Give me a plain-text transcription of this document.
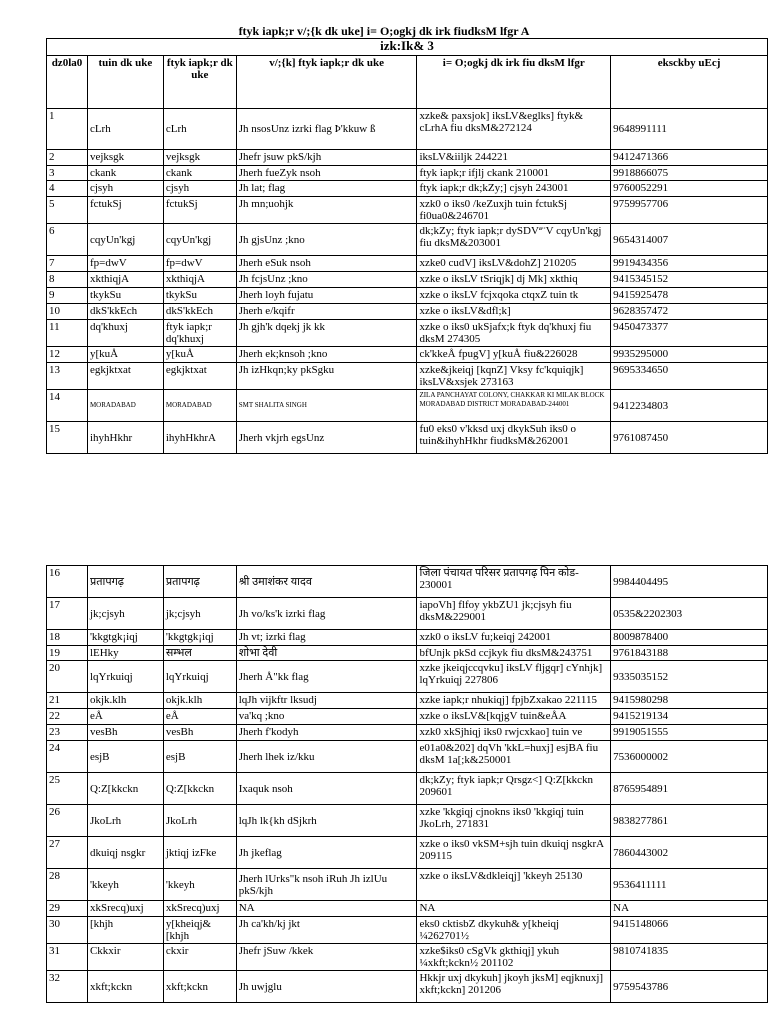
ftyk iapk;r v/;{k dk uke] i= O;ogkj dk irk fiudksM lfgr A
izk:Ik& 3					
dz0la0	tuin dk uke	ftyk iapk;r dk uke	v/;{k] ftyk iapk;r dk uke	i= O;ogkj dk irk fiu dksM lfgr	eksckby uEcj
1	cLrh	cLrh	Jh nsosUnz izrki flag Þ'kkuw ß	xzke& paxsjok] iksLV&eglks] ftyk& cLrhA fiu dksM&272124	9648991111
2	vejksgk	vejksgk	Jhefr jsuw pkS/kjh	iksLV&iiljk 244221	9412471366
3	ckank	ckank	Jherh fueZyk nsoh	ftyk iapk;r ifjlj ckank 210001	9918866075
4	cjsyh	cjsyh	Jh lat; flag	ftyk iapk;r dk;kZy;] cjsyh 243001	9760052291
5	fctukSj	fctukSj	Jh mn;uohjk	xzk0 o iks0 /keZuxjh tuin fctukSj fi0ua0&246701	9759957706
6	cqyUn'kgj	cqyUn'kgj	Jh gjsUnz ;kno	dk;kZy; ftyk iapk;r dySDVª¨V cqyUn'kgj fiu dksM&203001	9654314007
7	fp=dwV	fp=dwV	Jherh eSuk nsoh	xzke0 cudV] iksLV&dohZ] 210205	9919434356
8	xkthiqjA	xkthiqjA	Jh fcjsUnz ;kno	xzke o iksLV tSriqjk] dj Mk] xkthiq	9415345152
9	tkykSu	tkykSu	Jherh loyh fujatu	xzke o iksLV fcjxqoka ctqxZ tuin tk	9415925478
10	dkS'kkEch	dkS'kkEch	Jherh e/kqifr	xzke o iksLV&dfl;k]	9628357472
11	dq'khuxj	ftyk iapk;r dq'khuxj	Jh gjh'k dqekj jk kk	xzke o iks0 ukSjafx;k ftyk dq'khuxj fiu dksM 274305	9450473377
12	y[kuÅ	y[kuÅ	Jherh ek;knsoh ;kno	ck'kkeÅ fpugV] y[kuÅ fiu&226028	9935295000
13	egkjktxat	egkjktxat	Jh izHkqn;ky pkSgku	xzke&jkeiqj [kqnZ] Vksy fc'kquiqjk] iksLV&xsjek 273163	9695334650
14	MORADABAD	MORADABAD	SMT SHALITA SINGH	ZILA PANCHAYAT COLONY, CHAKKAR KI MILAK BLOCK MORADABAD DISTRICT MORADABAD-244001	9412234803
15	ihyhHkhr	ihyhHkhrA	Jherh vkjrh egsUnz	fu0 eks0 v'kksd uxj dkykSuh iks0 o tuin&ihyhHkhr fiudksM&262001	9761087450
16	प्रतापगढ़	प्रतापगढ़	श्री उमाशंकर यादव	जिला पंचायत परिसर प्रतापगढ़ पिन कोड- 230001	9984404495
17	jk;cjsyh	jk;cjsyh	Jh vo/ks'k izrki flag	iapoVh] flfoy ykbZU1 jk;cjsyh fiu dksM&229001	0535&2202303
18	'kkgtgk¡iqj	'kkgtgk¡iqj	Jh vt; izrki flag	xzk0 o iksLV fu;keiqj 242001	8009878400
19	lEHky	सम्भल	शोभा देवी	bfUnjk pkSd ccjkyk fiu dksM&243751	9761843188
20	lqYrkuiqj	lqYrkuiqj	Jherh Å"kk flag	xzke jkeiqjccqvku] iksLV fljgqr] cYnhjk] lqYrkuiqj 227806	9335035152
21	okjk.klh	okjk.klh	lqJh vijkftr lksudj	xzke iapk;r nhukiqj] fpjbZxakao 221115	9415980298
22	eÅ	eÅ	va'kq ;kno	xzke o iksLV&[kqjgV tuin&eÅA	9415219134
23	vesBh	vesBh	Jherh f'kodyh	xzk0 xkSjhiqj iks0 rwjcxkao] tuin ve	9919051555
24	esjB	esjB	Jherh lhek iz/kku	e01a0&202] dqVh 'kkL=huxj] esjBA fiu dksM 1a[;k&250001	7536000002
25	Q:Z[kkckn	Q:Z[kkckn	Ixaquk nsoh	dk;kZy; ftyk iapk;r Qrsgz<] Q:Z[kkckn 209601	8765954891
26	JkoLrh	JkoLrh	lqJh lk{kh dSjkrh	xzke 'kkgiqj cjnokns iks0 'kkgiqj tuin JkoLrh, 271831	9838277861
27	dkuiqj nsgkr	jktiqj izFke	Jh jkeflag	xzke o iks0 vkSM+sjh tuin dkuiqj nsgkrA 209115	7860443002
28	'kkeyh	'kkeyh	Jherh lUrks"k nsoh iRuh Jh izlUu pkS/kjh	xzke o iksLV&dkleiqj] 'kkeyh 25130	9536411111
29	xkSrecq)uxj	xkSrecq)uxj	NA	NA	NA
30	[khjh	y[kheiqj&[khjh	Jh ca'kh/kj jkt	eks0 cktisbZ dkykuh& y[kheiqj ¼262701½	9415148066
31	Ckkxir	ckxir	Jhefr jSuw /kkek	xzke$iks0 cSgVk gkthiqj] ykuh ¼xkft;kckn½ 201102	9810741835
32	xkft;kckn	xkft;kckn	Jh uwjglu	Hkkjr uxj dkykuh] jkoyh jksM] eqjknuxj] xkft;kckn] 201206	9759543786
